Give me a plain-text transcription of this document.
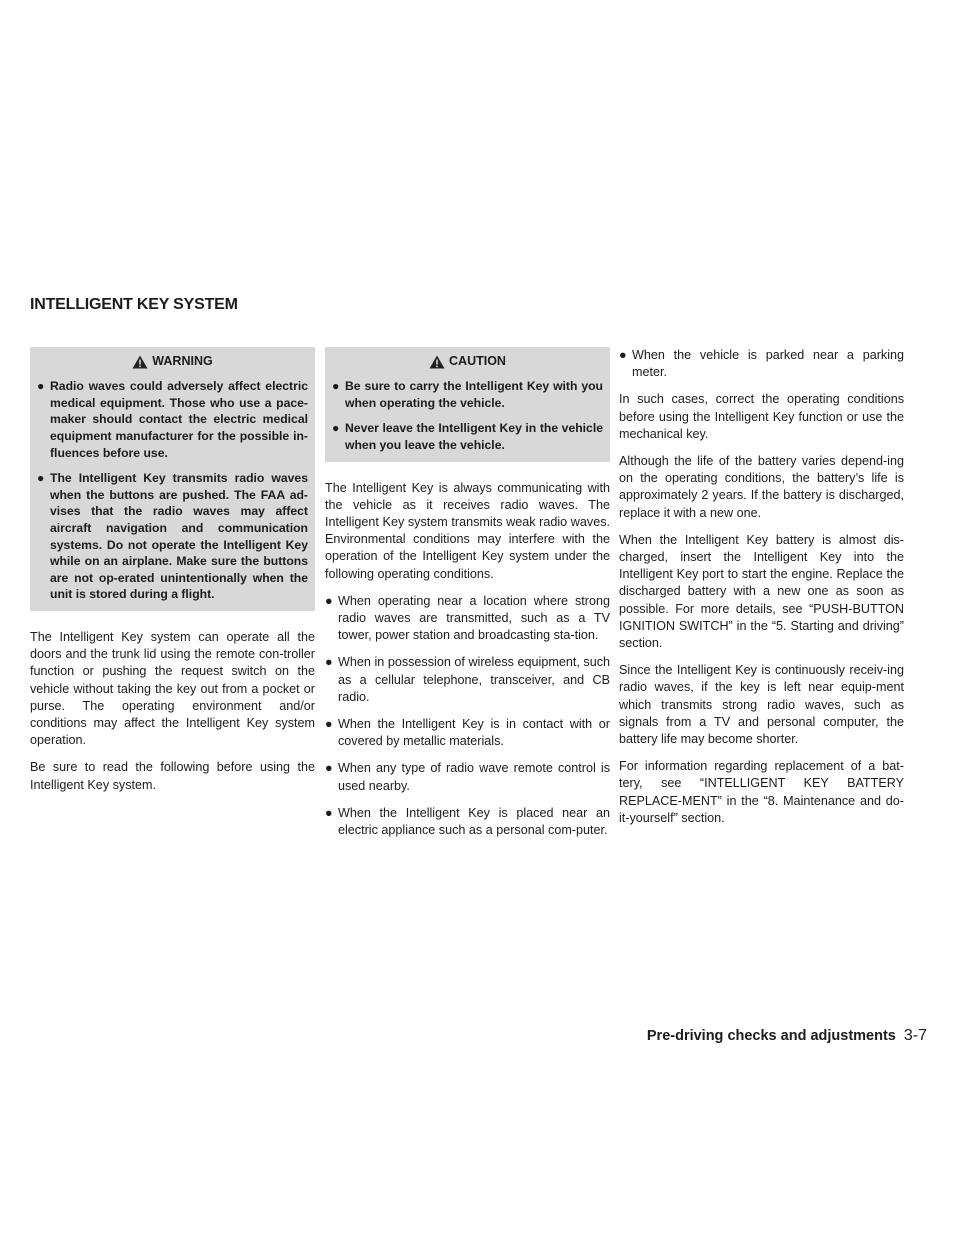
INTELLIGENT KEY SYSTEM
WARNING
● Radio waves could adversely affect electric medical equipment. Those who use a pace-maker should contact the electric medical equipment manufacturer for the possible in-fluences before use.
● The Intelligent Key transmits radio waves when the buttons are pushed. The FAA ad-vises that the radio waves may affect aircraft navigation and communication systems. Do not operate the Intelligent Key while on an airplane. Make sure the buttons are not op-erated unintentionally when the unit is stored during a flight.

The Intelligent Key system can operate all the doors and the trunk lid using the remote con-troller function or pushing the request switch on the vehicle without taking the key out from a pocket or purse. The operating environment and/or conditions may affect the Intelligent Key system operation.

Be sure to read the following before using the Intelligent Key system.

CAUTION
● Be sure to carry the Intelligent Key with you when operating the vehicle.
● Never leave the Intelligent Key in the vehicle when you leave the vehicle.

The Intelligent Key is always communicating with the vehicle as it receives radio waves. The Intelligent Key system transmits weak radio waves. Environmental conditions may interfere with the operation of the Intelligent Key system under the following operating conditions.

● When operating near a location where strong radio waves are transmitted, such as a TV tower, power station and broadcasting sta-tion.
● When in possession of wireless equipment, such as a cellular telephone, transceiver, and CB radio.
● When the Intelligent Key is in contact with or covered by metallic materials.
● When any type of radio wave remote control is used nearby.
● When the Intelligent Key is placed near an electric appliance such as a personal com-puter.
● When the vehicle is parked near a parking meter.

In such cases, correct the operating conditions before using the Intelligent Key function or use the mechanical key.

Although the life of the battery varies depend-ing on the operating conditions, the battery’s life is approximately 2 years. If the battery is discharged, replace it with a new one.

When the Intelligent Key battery is almost dis-charged, insert the Intelligent Key into the Intelligent Key port to start the engine. Replace the discharged battery with a new one as soon as possible. For more details, see “PUSH-BUTTON IGNITION SWITCH” in the “5. Starting and driving” section.

Since the Intelligent Key is continuously receiv-ing radio waves, if the key is left near equip-ment which transmits strong radio waves, such as signals from a TV and personal computer, the battery life may become shorter.

For information regarding replacement of a bat-tery, see “INTELLIGENT KEY BATTERY REPLACE-MENT” in the “8. Maintenance and do-it-yourself” section.

Pre-driving checks and adjustments 3-7
